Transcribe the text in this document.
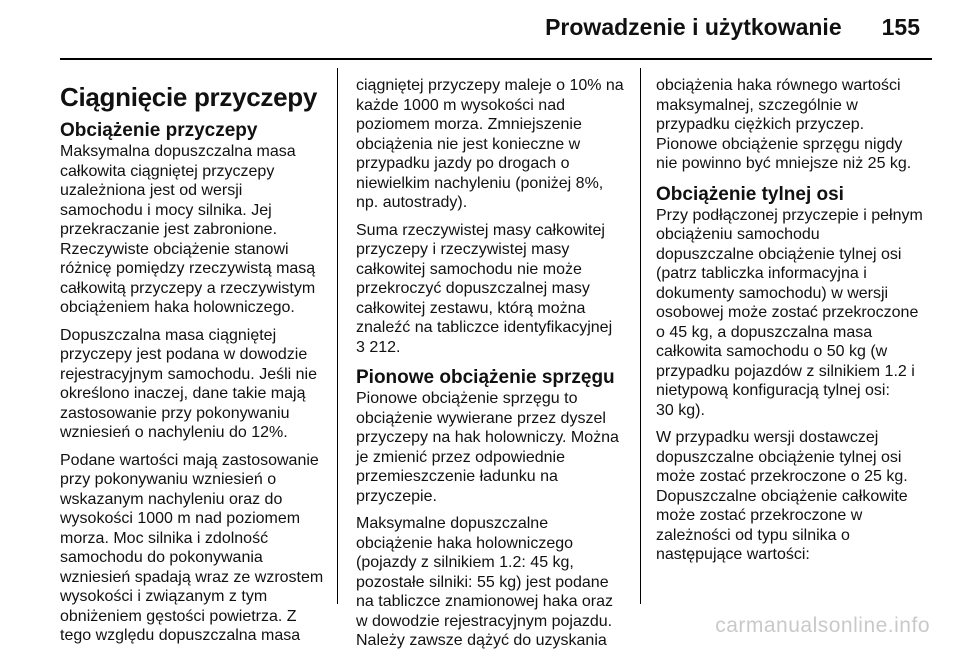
Prowadzenie i użytkowanie 155
Ciągnięcie przyczepy
Obciążenie przyczepy

Maksymalna dopuszczalna masa
całkowita ciągniętej przyczepy
uzależniona jest od wersji
samochodu i mocy silnika. Jej
przekraczanie jest zabronione.
Rzeczywiste obciążenie stanowi
różnicę pomiędzy rzeczywistą masą
całkowitą przyczepy a rzeczywistym
obciążeniem haka holowniczego.

Dopuszczalna masa ciągniętej
przyczepy jest podana w dowodzie
rejestracyjnym samochodu. Jeśli nie
określono inaczej, dane takie mają
zastosowanie przy pokonywaniu
wzniesień o nachyleniu do 12%.

Podane wartości mają zastosowanie
przy pokonywaniu wzniesień o
wskazanym nachyleniu oraz do
wysokości 1000 m nad poziomem
morza. Moc silnika i zdolność
samochodu do pokonywania
wzniesień spadają wraz ze wzrostem
wysokości i związanym z tym
obniżeniem gęstości powietrza. Z
tego względu dopuszczalna masa

ciągniętej przyczepy maleje o 10% na
każde 1000 m wysokości nad
poziomem morza. Zmniejszenie
obciążenia nie jest konieczne w
przypadku jazdy po drogach o
niewielkim nachyleniu (poniżej 8%,
np. autostrady).

Suma rzeczywistej masy całkowitej
przyczepy i rzeczywistej masy
całkowitej samochodu nie może
przekroczyć dopuszczalnej masy
całkowitej zestawu, którą można
znaleźć na tabliczce identyfikacyjnej
3 212.

Pionowe obciążenie sprzęgu

Pionowe obciążenie sprzęgu to
obciążenie wywierane przez dyszel
przyczepy na hak holowniczy. Można
je zmienić przez odpowiednie
przemieszczenie ładunku na
przyczepie.

Maksymalne dopuszczalne
obciążenie haka holowniczego
(pojazdy z silnikiem 1.2: 45 kg,
pozostałe silniki: 55 kg) jest podane
na tabliczce znamionowej haka oraz
w dowodzie rejestracyjnym pojazdu.
Należy zawsze dążyć do uzyskania

obciążenia haka równego wartości
maksymalnej, szczególnie w
przypadku ciężkich przyczep.
Pionowe obciążenie sprzęgu nigdy
nie powinno być mniejsze niż 25 kg.

Obciążenie tylnej osi

Przy podłączonej przyczepie i pełnym
obciążeniu samochodu
dopuszczalne obciążenie tylnej osi
(patrz tabliczka informacyjna i
dokumenty samochodu) w wersji
osobowej może zostać przekroczone
o 45 kg, a dopuszczalna masa
całkowita samochodu o 50 kg (w
przypadku pojazdów z silnikiem 1.2 i
nietypową konfiguracją tylnej osi:
30 kg).

W przypadku wersji dostawczej
dopuszczalne obciążenie tylnej osi
może zostać przekroczone o 25 kg.
Dopuszczalne obciążenie całkowite
może zostać przekroczone w
zależności od typu silnika o
następujące wartości:

carmanualsonline.info
